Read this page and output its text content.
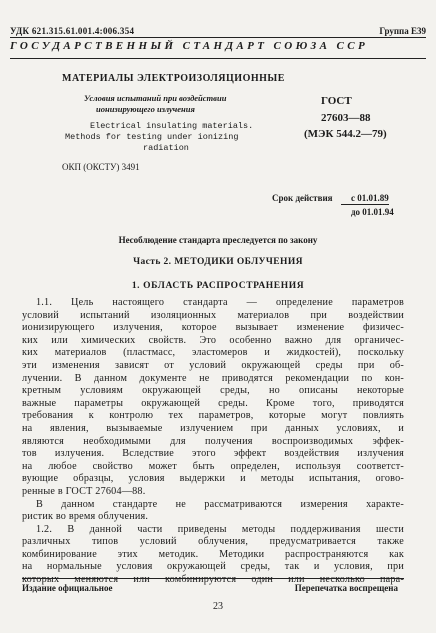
УДК 621.315.61.001.4:006.354	Группа Е39
ГОСУДАРСТВЕННЫЙ СТАНДАРТ СОЮЗА ССР
МАТЕРИАЛЫ ЭЛЕКТРОИЗОЛЯЦИОННЫЕ
Условия испытаний при воздействии
ионизирующего излучения
Electrical insulating materials.
Methods for testing under ionizing
radiation
ГОСТ
27603—88
(МЭК 544.2—79)
ОКП (ОКСТУ) 3491
Срок действия с 01.01.89
до 01.01.94
Несоблюдение стандарта преследуется по закону
Часть 2. МЕТОДИКИ ОБЛУЧЕНИЯ
1. ОБЛАСТЬ РАСПРОСТРАНЕНИЯ
1.1. Цель настоящего стандарта — определение параметров
условий испытаний изоляционных материалов при воздействии
ионизирующего излучения, которое вызывает изменение физичес-
ких или химических свойств. Это особенно важно для органичес-
ких материалов (пластмасс, эластомеров и жидкостей), поскольку
эти изменения зависят от условий окружающей среды при об-
лучении. В данном документе не приводятся рекомендации по кон-
кретным условиям окружающей среды, но описаны некоторые
важные параметры окружающей среды. Кроме того, приводятся
требования к контролю тех параметров, которые могут повлиять
на явления, вызываемые излучением при данных условиях, и
являются необходимыми для получения воспроизводимых эффек-
тов излучения. Вследствие этого эффект воздействия излучения
на любое свойство может быть определен, используя соответст-
вующие образцы, условия выдержки и методы испытания, огово-
ренные в ГОСТ 27604—88.
В данном стандарте не рассматриваются измерения характе-
ристик во время облучения.
1.2. В данной части приведены методы поддерживания шести
различных типов условий облучения, предусматривается также
комбинирование этих методик. Методики распространяются как
на нормальные условия окружающей среды, так и условия, при
которых меняются или комбинируются один или несколько пара-
Издание официальное	Перепечатка воспрещена
23
